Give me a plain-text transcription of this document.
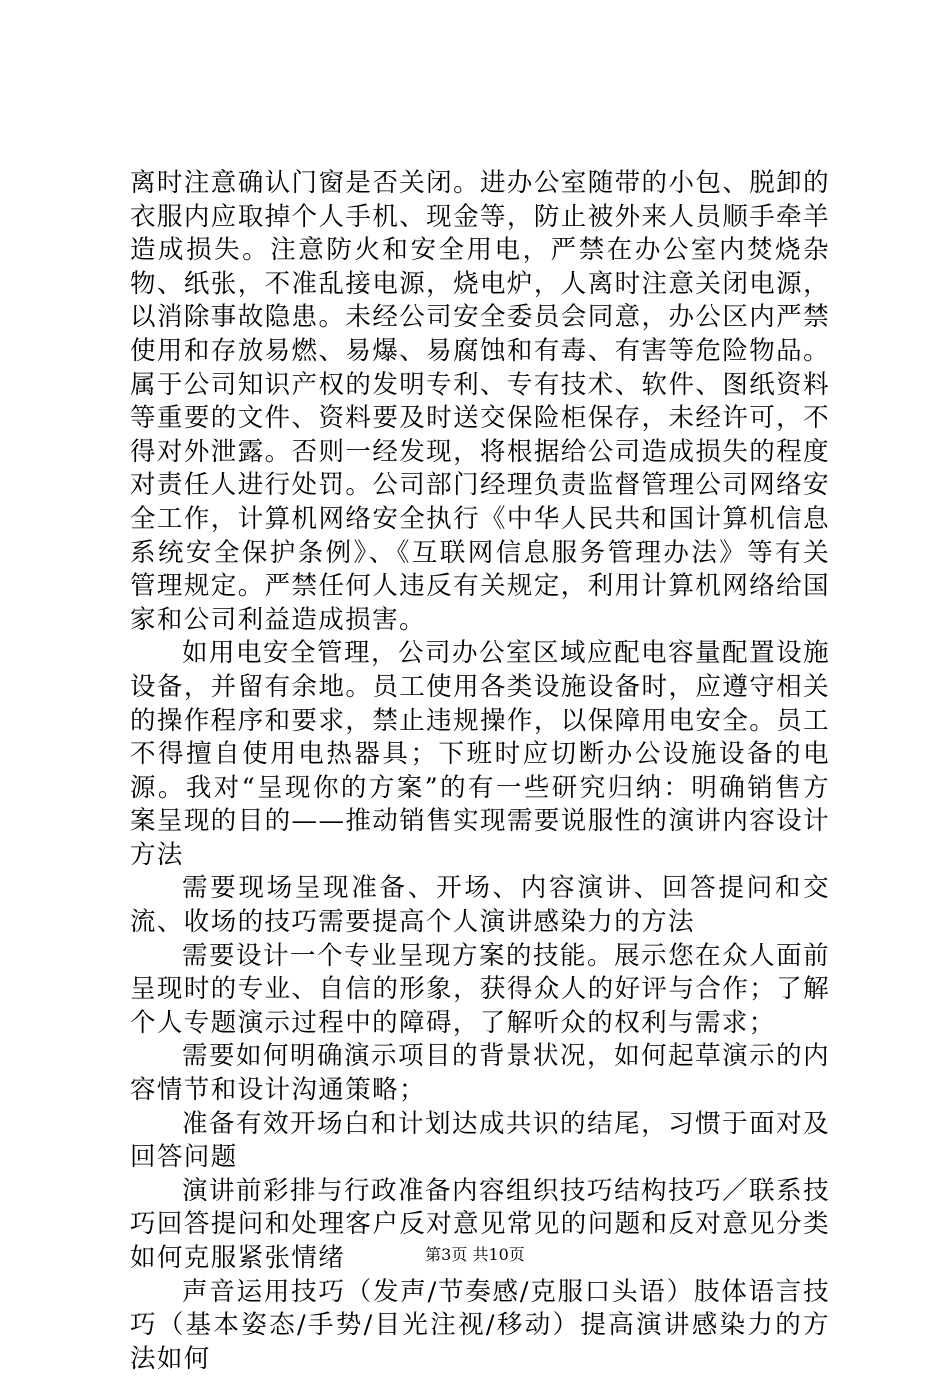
离时注意确认门窗是否关闭。进办公室随带的小包、脱卸的衣服内应取掉个人手机、现金等，防止被外来人员顺手牵羊造成损失。注意防火和安全用电，严禁在办公室内焚烧杂物、纸张，不准乱接电源，烧电炉，人离时注意关闭电源，以消除事故隐患。未经公司安全委员会同意，办公区内严禁使用和存放易燃、易爆、易腐蚀和有毒、有害等危险物品。属于公司知识产权的发明专利、专有技术、软件、图纸资料等重要的文件、资料要及时送交保险柜保存，未经许可，不得对外泄露。否则一经发现，将根据给公司造成损失的程度对责任人进行处罚。公司部门经理负责监督管理公司网络安全工作，计算机网络安全执行《中华人民共和国计算机信息系统安全保护条例》、《互联网信息服务管理办法》等有关管理规定。严禁任何人违反有关规定，利用计算机网络给国家和公司利益造成损害。

如用电安全管理，公司办公室区域应配电容量配置设施设备，并留有余地。员工使用各类设施设备时，应遵守相关的操作程序和要求，禁止违规操作，以保障用电安全。员工不得擅自使用电热器具；下班时应切断办公设施设备的电源。我对“呈现你的方案”的有一些研究归纳：明确销售方案呈现的目的——推动销售实现需要说服性的演讲内容设计方法

需要现场呈现准备、开场、内容演讲、回答提问和交流、收场的技巧需要提高个人演讲感染力的方法

需要设计一个专业呈现方案的技能。展示您在众人面前呈现时的专业、自信的形象，获得众人的好评与合作；了解个人专题演示过程中的障碍，了解听众的权利与需求；

需要如何明确演示项目的背景状况，如何起草演示的内容情节和设计沟通策略；

准备有效开场白和计划达成共识的结尾，习惯于面对及回答问题

演讲前彩排与行政准备内容组织技巧结构技巧／联系技巧回答提问和处理客户反对意见常见的问题和反对意见分类如何克服紧张情绪

声音运用技巧（发声/节奏感/克服口头语）肢体语言技巧（基本姿态/手势/目光注视/移动）提高演讲感染力的方法如何

第3页 共10页
